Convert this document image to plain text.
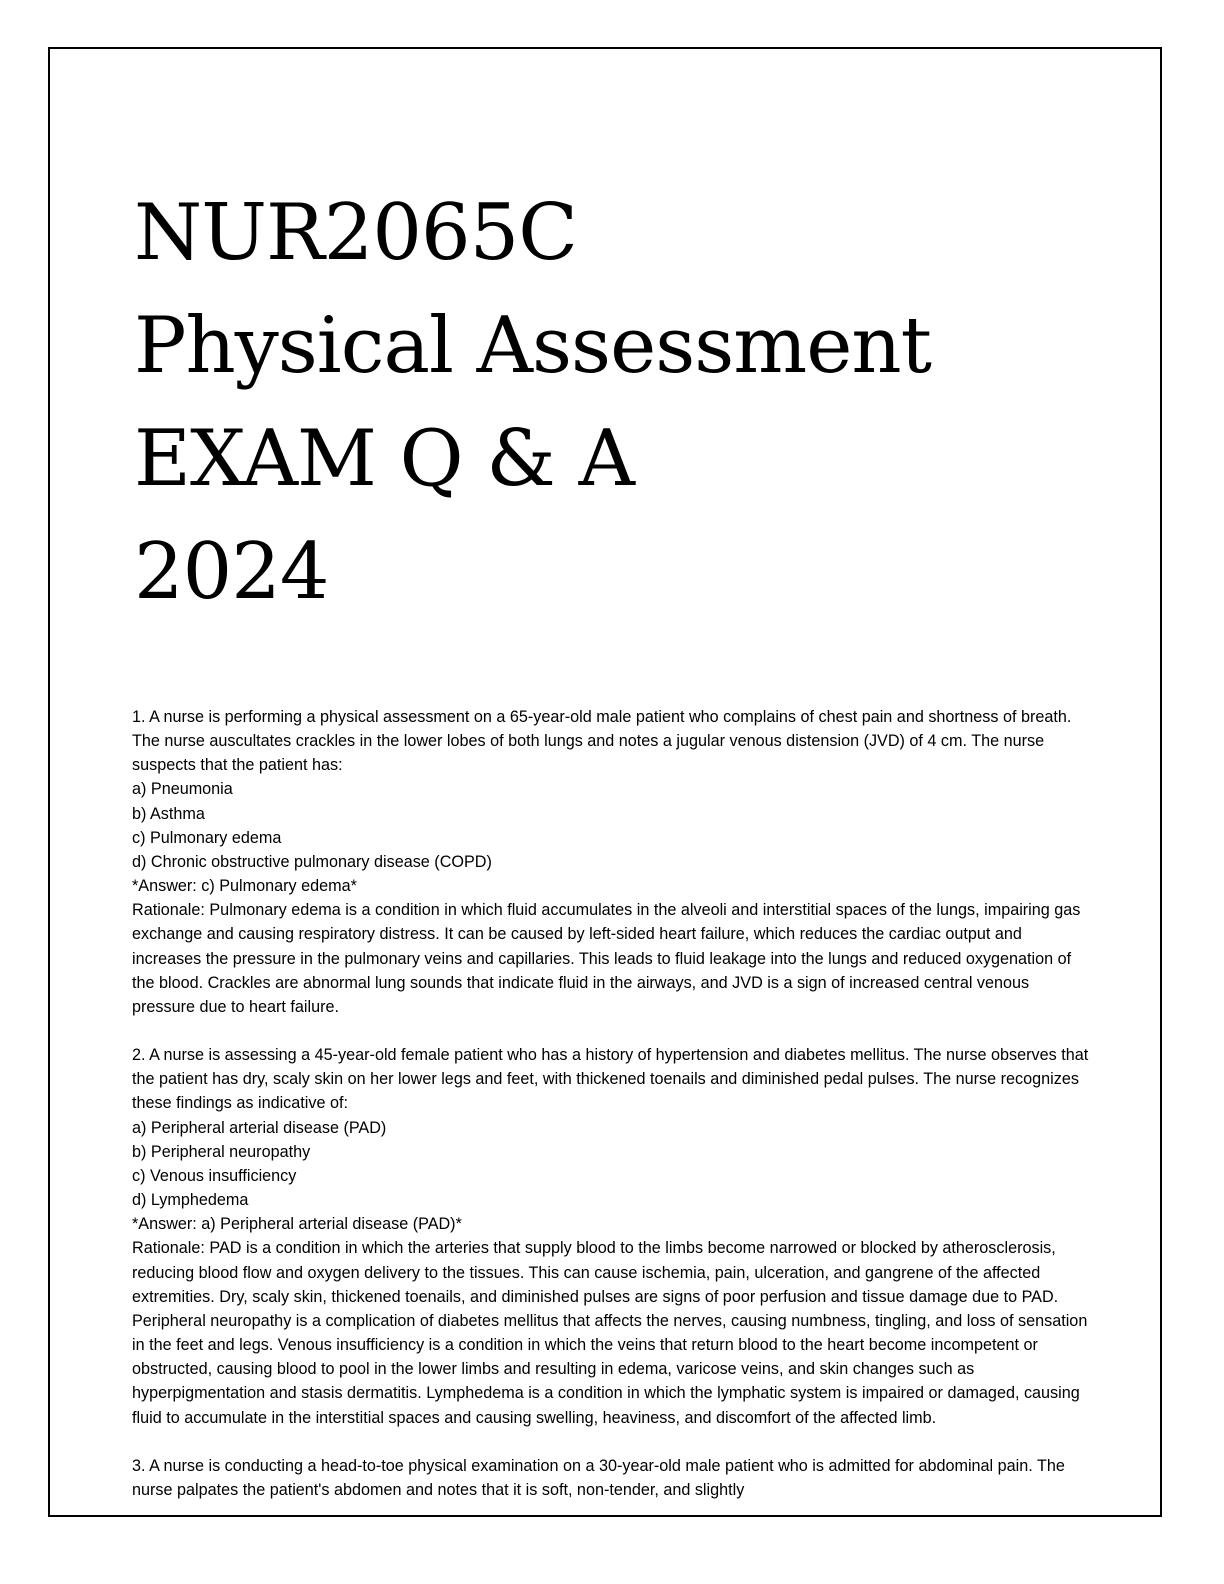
NUR2065C
Physical Assessment
EXAM Q & A
2024
1. A nurse is performing a physical assessment on a 65-year-old male patient who complains of chest pain and shortness of breath. The nurse auscultates crackles in the lower lobes of both lungs and notes a jugular venous distension (JVD) of 4 cm. The nurse suspects that the patient has:
a) Pneumonia
b) Asthma
c) Pulmonary edema
d) Chronic obstructive pulmonary disease (COPD)
*Answer: c) Pulmonary edema*
Rationale: Pulmonary edema is a condition in which fluid accumulates in the alveoli and interstitial spaces of the lungs, impairing gas exchange and causing respiratory distress. It can be caused by left-sided heart failure, which reduces the cardiac output and increases the pressure in the pulmonary veins and capillaries. This leads to fluid leakage into the lungs and reduced oxygenation of the blood. Crackles are abnormal lung sounds that indicate fluid in the airways, and JVD is a sign of increased central venous pressure due to heart failure.
2. A nurse is assessing a 45-year-old female patient who has a history of hypertension and diabetes mellitus. The nurse observes that the patient has dry, scaly skin on her lower legs and feet, with thickened toenails and diminished pedal pulses. The nurse recognizes these findings as indicative of:
a) Peripheral arterial disease (PAD)
b) Peripheral neuropathy
c) Venous insufficiency
d) Lymphedema
*Answer: a) Peripheral arterial disease (PAD)*
Rationale: PAD is a condition in which the arteries that supply blood to the limbs become narrowed or blocked by atherosclerosis, reducing blood flow and oxygen delivery to the tissues. This can cause ischemia, pain, ulceration, and gangrene of the affected extremities. Dry, scaly skin, thickened toenails, and diminished pulses are signs of poor perfusion and tissue damage due to PAD. Peripheral neuropathy is a complication of diabetes mellitus that affects the nerves, causing numbness, tingling, and loss of sensation in the feet and legs. Venous insufficiency is a condition in which the veins that return blood to the heart become incompetent or obstructed, causing blood to pool in the lower limbs and resulting in edema, varicose veins, and skin changes such as hyperpigmentation and stasis dermatitis. Lymphedema is a condition in which the lymphatic system is impaired or damaged, causing fluid to accumulate in the interstitial spaces and causing swelling, heaviness, and discomfort of the affected limb.
3. A nurse is conducting a head-to-toe physical examination on a 30-year-old male patient who is admitted for abdominal pain. The nurse palpates the patient's abdomen and notes that it is soft, non-tender, and slightly
